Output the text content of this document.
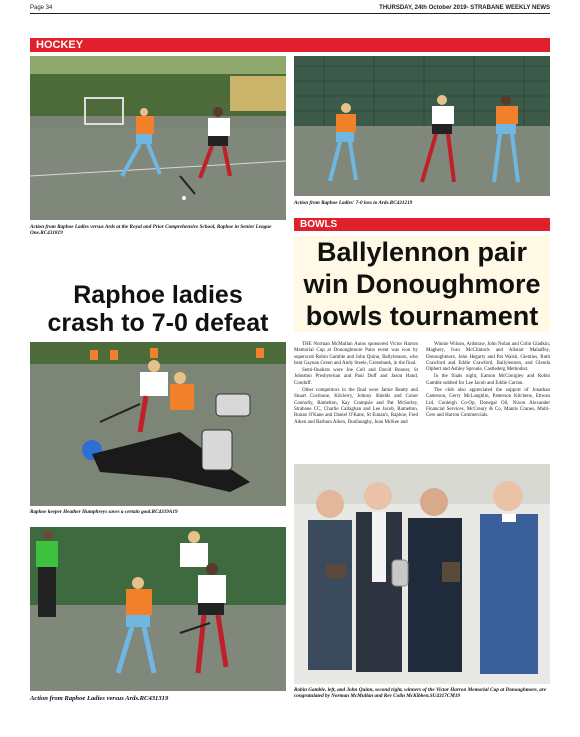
Page 34	THURSDAY, 24th October 2019- STRABANE WEEKLY NEWS
HOCKEY
Action from Raphoe Ladies versus Ards at the Royal and Prior Comprehensive School, Raphoe in Senior League One.RC431819
Action from Raphoe Ladies' 7-0 loss to Ards.RC431219
BOWLS
Raphoe ladies
crash to 7-0 defeat
Ballylennon pair
win Donoughmore
bowls tournament
Raphoe keeper Heather Humphreys saves a certain goal.RC4319A19
Action from Raphoe Ladies versus Ards.RC431319

THE Norman McMullan Autos sponsored Victor Harron Memorial Cup at Donoughmore Pairs event was won by superscub Robin Gamble and John Quinn, Ballylennon, who beat Gaynan Green and Andy Steele, Greenbank, in the final.

Semi-finalists were Joe Coll and David Bonner, St Johnston Presbyterian and Paul Duff and Jason Hand, Conduff.

Other competitors in the final were Jamie Beatty and Stuart Cochrane, Kilclerry, Johnny Shields and Conor Connolly, Ramelton, Kay Crampsie and Pat McSorley, Strabane CC, Charlie Callaghan and Lee Jacob, Ramelton, Ronan O'Kane and Daniel O'Kane, St Eunan's, Raphoe, Fred Aiken and Barbara Aiken, Dunfanaghy, Jean McKee and

Winnie Wilson, Ardstraw, John Nolan and Colin Gladkin, Maghery, Ivan McClintock and Alistair Mahaffey, Donoughmore, John Hegarty and Pat Walsh, Glenties, Ruth Crawford and Eddie Crawford, Ballylennon, and Glenda Olphert and Ashley Sproule, Castlederg Methodist.

In the finals night, Eamon McConigley and Robin Gamble subbed for Lee Jacob and Eddie Curran.

The club also appreciated the support of Jonathan Catterson, Gerry McLaughlin, Patterson Kitchens, Ettwan Ltd, Conleigh Co-Op, Donegal Oil, Nixon Alexander Financial Services, McCreary & Co, Mantis Cranes, Multi-Cere and Harron Commercials.

Robin Gamble, left, and John Quinn, second right, winners of the Victor Harron Memorial Cup at Donoughmore, are congratulated by Norman McMullan and Rev Colin McKibben.SU4317CM19
